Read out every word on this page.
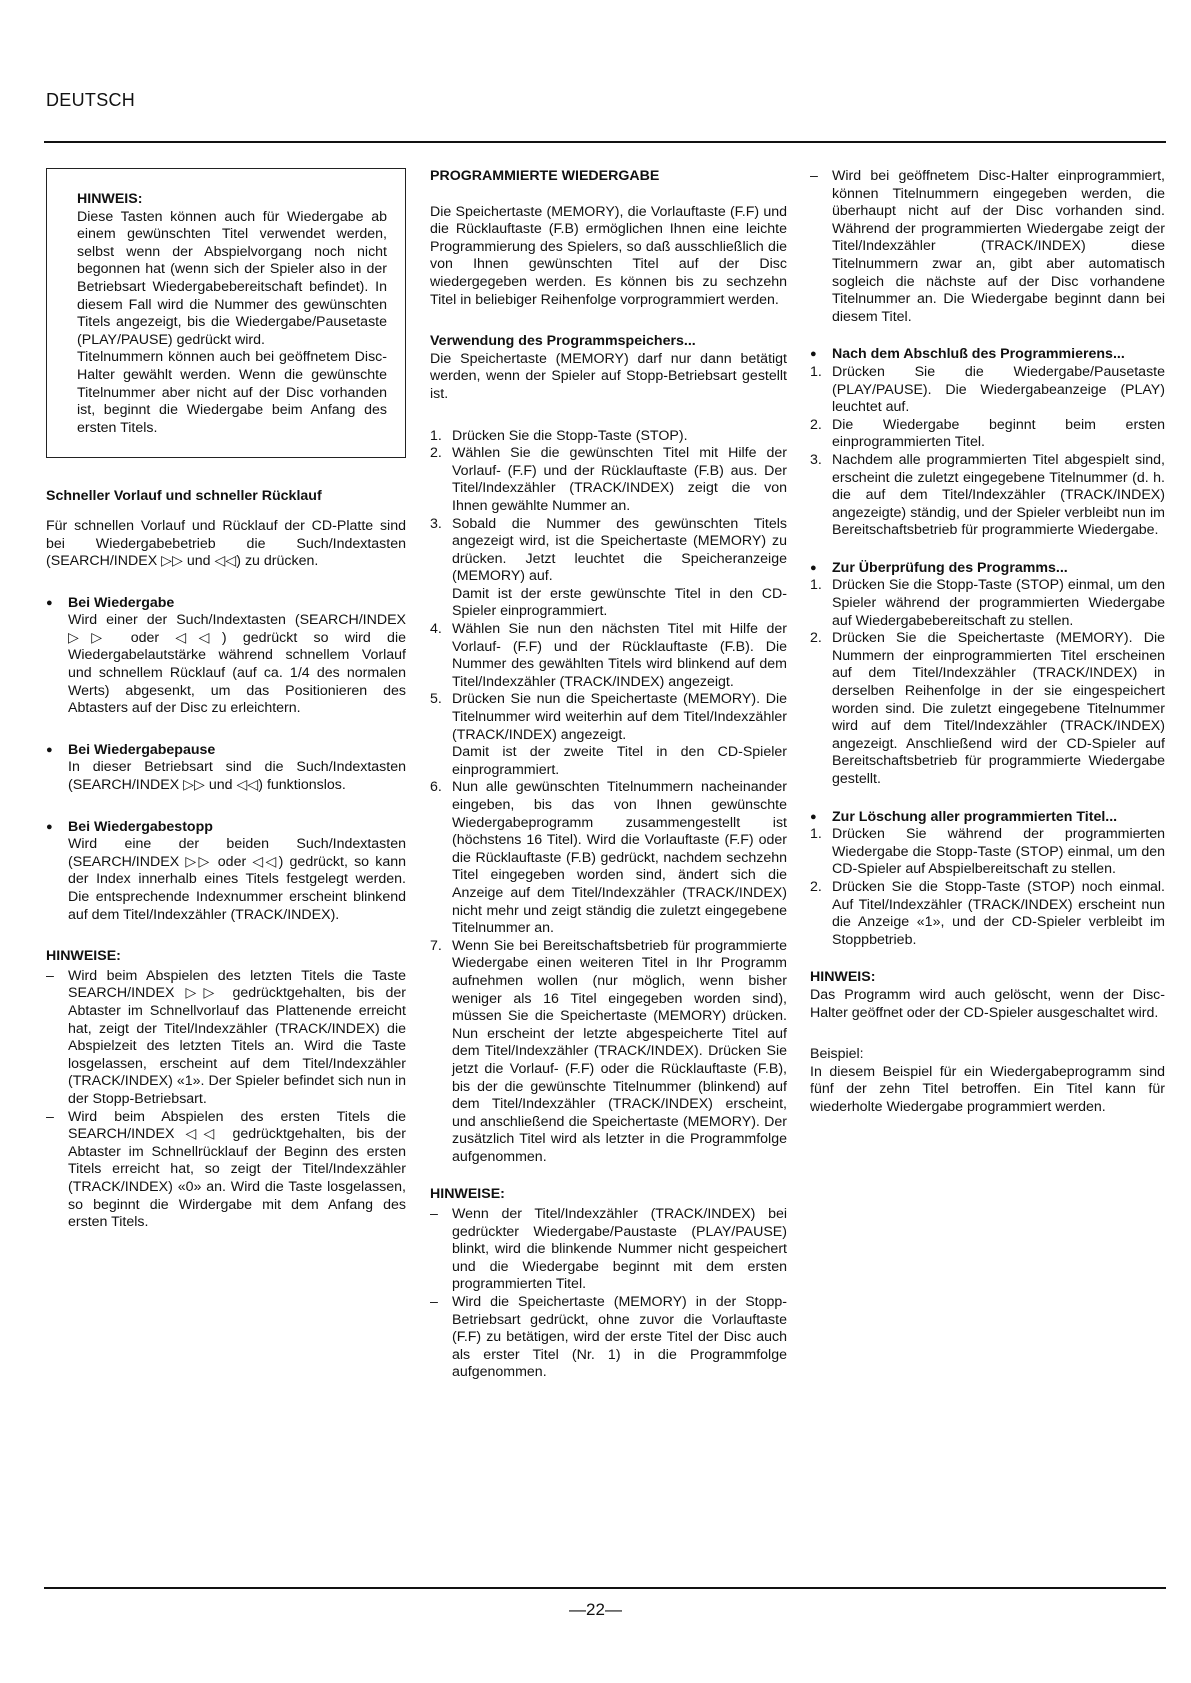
DEUTSCH
HINWEIS:
Diese Tasten können auch für Wiedergabe ab einem gewünschten Titel verwendet werden, selbst wenn der Abspielvorgang noch nicht begonnen hat (wenn sich der Spieler also in der Betriebsart Wiedergabebereitschaft befindet). In diesem Fall wird die Nummer des gewünschten Titels angezeigt, bis die Wiedergabe/Pausetaste (PLAY/PAUSE) gedrückt wird.
Titelnummern können auch bei geöffnetem Disc-Halter gewählt werden. Wenn die gewünschte Titelnummer aber nicht auf der Disc vorhanden ist, beginnt die Wiedergabe beim Anfang des ersten Titels.
Schneller Vorlauf und schneller Rücklauf
Für schnellen Vorlauf und Rücklauf der CD-Platte sind bei Wiedergabebetrieb die Such/Indextasten (SEARCH/INDEX ▷▷ und ◁◁) zu drücken.
● Bei Wiedergabe
Wird einer der Such/Indextasten (SEARCH/INDEX ▷▷ oder ◁◁) gedrückt so wird die Wiedergabelautstärke während schnellem Vorlauf und schnellem Rücklauf (auf ca. 1/4 des normalen Werts) abgesenkt, um das Positionieren des Abtasters auf der Disc zu erleichtern.
● Bei Wiedergabepause
In dieser Betriebsart sind die Such/Indextasten (SEARCH/INDEX ▷▷ und ◁◁) funktionslos.
● Bei Wiedergabestopp
Wird eine der beiden Such/Indextasten (SEARCH/INDEX ▷▷ oder ◁◁) gedrückt, so kann der Index innerhalb eines Titels festgelegt werden. Die entsprechende Indexnummer erscheint blinkend auf dem Titel/Indexzähler (TRACK/INDEX).
HINWEISE:
– Wird beim Abspielen des letzten Titels die Taste SEARCH/INDEX ▷▷ gedrücktgehalten, bis der Abtaster im Schnellvorlauf das Plattenende erreicht hat, zeigt der Titel/Indexzähler (TRACK/INDEX) die Abspielzeit des letzten Titels an. Wird die Taste losgelassen, erscheint auf dem Titel/Indexzähler (TRACK/INDEX) «1». Der Spieler befindet sich nun in der Stopp-Betriebsart.
– Wird beim Abspielen des ersten Titels die SEARCH/INDEX ◁◁ gedrücktgehalten, bis der Abtaster im Schnellrücklauf der Beginn des ersten Titels erreicht hat, so zeigt der Titel/Indexzähler (TRACK/INDEX) «0» an. Wird die Taste losgelassen, so beginnt die Wirdergabe mit dem Anfang des ersten Titels.
PROGRAMMIERTE WIEDERGABE
Die Speichertaste (MEMORY), die Vorlauftaste (F.F) und die Rücklauftaste (F.B) ermöglichen Ihnen eine leichte Programmierung des Spielers, so daß ausschließlich die von Ihnen gewünschten Titel auf der Disc wiedergegeben werden. Es können bis zu sechzehn Titel in beliebiger Reihenfolge vorprogrammiert werden.
Verwendung des Programmspeichers...
Die Speichertaste (MEMORY) darf nur dann betätigt werden, wenn der Spieler auf Stopp-Betriebsart gestellt ist.
1. Drücken Sie die Stopp-Taste (STOP).
2. Wählen Sie die gewünschten Titel mit Hilfe der Vorlauf- (F.F) und der Rücklauftaste (F.B) aus. Der Titel/Indexzähler (TRACK/INDEX) zeigt die von Ihnen gewählte Nummer an.
3. Sobald die Nummer des gewünschten Titels angezeigt wird, ist die Speichertaste (MEMORY) zu drücken. Jetzt leuchtet die Speicheranzeige (MEMORY) auf.
Damit ist der erste gewünschte Titel in den CD-Spieler einprogrammiert.
4. Wählen Sie nun den nächsten Titel mit Hilfe der Vorlauf- (F.F) und der Rücklauftaste (F.B). Die Nummer des gewählten Titels wird blinkend auf dem Titel/Indexzähler (TRACK/INDEX) angezeigt.
5. Drücken Sie nun die Speichertaste (MEMORY). Die Titelnummer wird weiterhin auf dem Titel/Indexzähler (TRACK/INDEX) angezeigt.
Damit ist der zweite Titel in den CD-Spieler einprogrammiert.
6. Nun alle gewünschten Titelnummern nacheinander eingeben, bis das von Ihnen gewünschte Wiedergabeprogramm zusammengestellt ist (höchstens 16 Titel). Wird die Vorlauftaste (F.F) oder die Rücklauftaste (F.B) gedrückt, nachdem sechzehn Titel eingegeben worden sind, ändert sich die Anzeige auf dem Titel/Indexzähler (TRACK/INDEX) nicht mehr und zeigt ständig die zuletzt eingegebene Titelnummer an.
7. Wenn Sie bei Bereitschaftsbetrieb für programmierte Wiedergabe einen weiteren Titel in Ihr Programm aufnehmen wollen (nur möglich, wenn bisher weniger als 16 Titel eingegeben worden sind), müssen Sie die Speichertaste (MEMORY) drücken. Nun erscheint der letzte abgespeicherte Titel auf dem Titel/Indexzähler (TRACK/INDEX). Drücken Sie jetzt die Vorlauf- (F.F) oder die Rücklauftaste (F.B), bis der die gewünschte Titelnummer (blinkend) auf dem Titel/Indexzähler (TRACK/INDEX) erscheint, und anschließend die Speichertaste (MEMORY). Der zusätzlich Titel wird als letzter in die Programmfolge aufgenommen.
HINWEISE:
– Wenn der Titel/Indexzähler (TRACK/INDEX) bei gedrückter Wiedergabe/Paustaste (PLAY/PAUSE) blinkt, wird die blinkende Nummer nicht gespeichert und die Wiedergabe beginnt mit dem ersten programmierten Titel.
– Wird die Speichertaste (MEMORY) in der Stopp-Betriebsart gedrückt, ohne zuvor die Vorlauftaste (F.F) zu betätigen, wird der erste Titel der Disc auch als erster Titel (Nr. 1) in die Programmfolge aufgenommen.
– Wird bei geöffnetem Disc-Halter einprogrammiert, können Titelnummern eingegeben werden, die überhaupt nicht auf der Disc vorhanden sind. Während der programmierten Wiedergabe zeigt der Titel/Indexzähler (TRACK/INDEX) diese Titelnummern zwar an, gibt aber automatisch sogleich die nächste auf der Disc vorhandene Titelnummer an. Die Wiedergabe beginnt dann bei diesem Titel.
● Nach dem Abschluß des Programmierens...
1. Drücken Sie die Wiedergabe/Pausetaste (PLAY/PAUSE). Die Wiedergabeanzeige (PLAY) leuchtet auf.
2. Die Wiedergabe beginnt beim ersten einprogrammierten Titel.
3. Nachdem alle programmierten Titel abgespielt sind, erscheint die zuletzt eingegebene Titelnummer (d. h. die auf dem Titel/Indexzähler (TRACK/INDEX) angezeigte) ständig, und der Spieler verbleibt nun im Bereitschaftsbetrieb für programmierte Wiedergabe.
● Zur Überprüfung des Programms...
1. Drücken Sie die Stopp-Taste (STOP) einmal, um den Spieler während der programmierten Wiedergabe auf Wiedergabebereitschaft zu stellen.
2. Drücken Sie die Speichertaste (MEMORY). Die Nummern der einprogrammierten Titel erscheinen auf dem Titel/Indexzähler (TRACK/INDEX) in derselben Reihenfolge in der sie eingespeichert worden sind. Die zuletzt eingegebene Titelnummer wird auf dem Titel/Indexzähler (TRACK/INDEX) angezeigt. Anschließend wird der CD-Spieler auf Bereitschaftsbetrieb für programmierte Wiedergabe gestellt.
● Zur Löschung aller programmierten Titel...
1. Drücken Sie während der programmierten Wiedergabe die Stopp-Taste (STOP) einmal, um den CD-Spieler auf Abspielbereitschaft zu stellen.
2. Drücken Sie die Stopp-Taste (STOP) noch einmal. Auf Titel/Indexzähler (TRACK/INDEX) erscheint nun die Anzeige «1», und der CD-Spieler verbleibt im Stoppbetrieb.
HINWEIS:
Das Programm wird auch gelöscht, wenn der Disc-Halter geöffnet oder der CD-Spieler ausgeschaltet wird.
Beispiel:
In diesem Beispiel für ein Wiedergabeprogramm sind fünf der zehn Titel betroffen. Ein Titel kann für wiederholte Wiedergabe programmiert werden.
—22—
